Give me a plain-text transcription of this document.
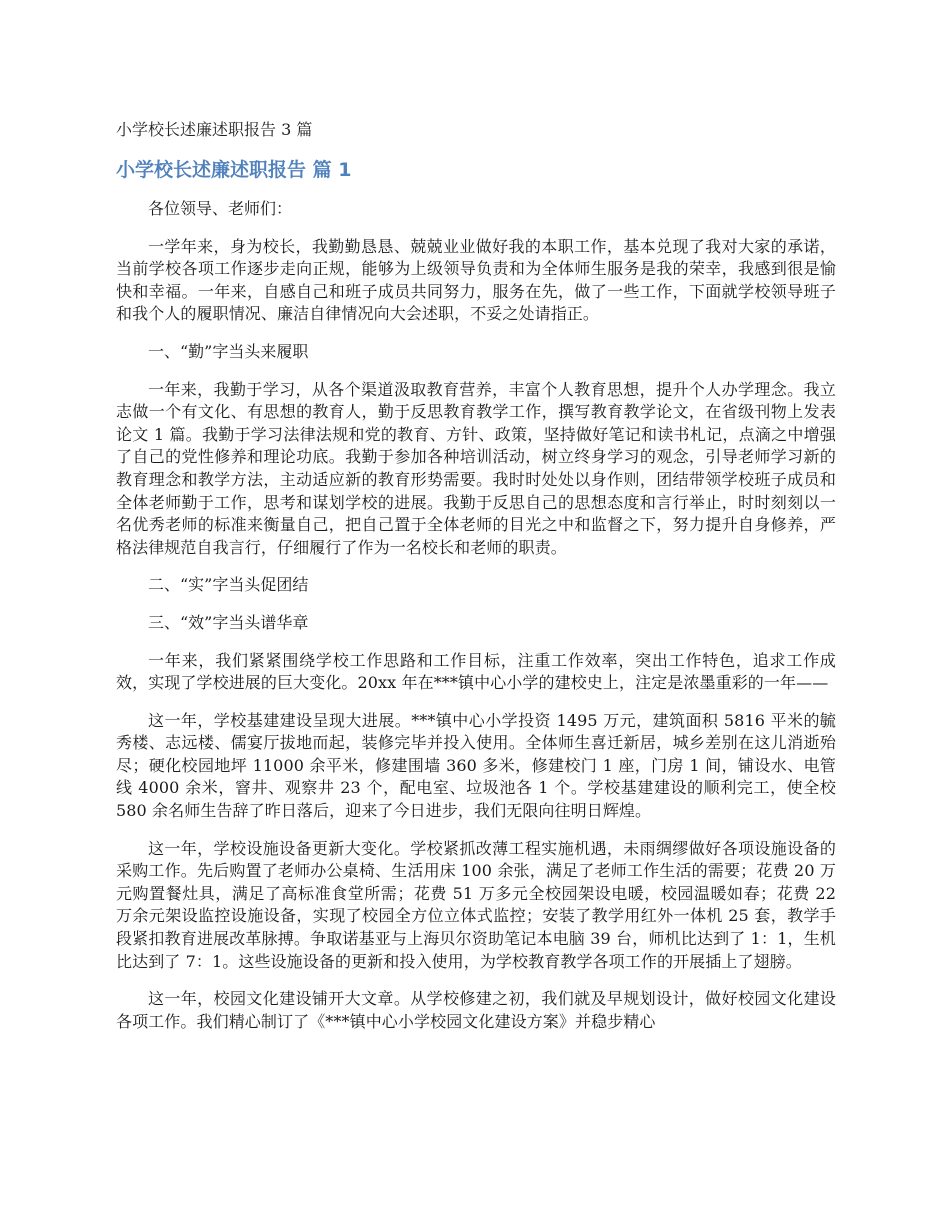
小学校长述廉述职报告 3 篇
小学校长述廉述职报告 篇 1

各位领导、老师们：

一学年来，身为校长，我勤勤恳恳、兢兢业业做好我的本职工作，基本兑现了我对大家的承诺，当前学校各项工作逐步走向正规，能够为上级领导负责和为全体师生服务是我的荣幸，我感到很是愉快和幸福。一年来，自感自己和班子成员共同努力，服务在先，做了一些工作，下面就学校领导班子和我个人的履职情况、廉洁自律情况向大会述职，不妥之处请指正。

一、“勤”字当头来履职

一年来，我勤于学习，从各个渠道汲取教育营养，丰富个人教育思想，提升个人办学理念。我立志做一个有文化、有思想的教育人，勤于反思教育教学工作，撰写教育教学论文，在省级刊物上发表论文 1 篇。我勤于学习法律法规和党的教育、方针、政策，坚持做好笔记和读书札记，点滴之中增强了自己的党性修养和理论功底。我勤于参加各种培训活动，树立终身学习的观念，引导老师学习新的教育理念和教学方法，主动适应新的教育形势需要。我时时处处以身作则，团结带领学校班子成员和全体老师勤于工作，思考和谋划学校的进展。我勤于反思自己的思想态度和言行举止，时时刻刻以一名优秀老师的标准来衡量自己，把自己置于全体老师的目光之中和监督之下，努力提升自身修养，严格法律规范自我言行，仔细履行了作为一名校长和老师的职责。

二、“实”字当头促团结

三、“效”字当头谱华章

一年来，我们紧紧围绕学校工作思路和工作目标，注重工作效率，突出工作特色，追求工作成效，实现了学校进展的巨大变化。20xx 年在***镇中心小学的建校史上，注定是浓墨重彩的一年——

这一年，学校基建建设呈现大进展。***镇中心小学投资 1495 万元，建筑面积 5816 平米的毓秀楼、志远楼、儒宴厅拔地而起，装修完毕并投入使用。全体师生喜迁新居，城乡差别在这儿消逝殆尽；硬化校园地坪 11000 余平米，修建围墙 360 多米，修建校门 1 座，门房 1 间，铺设水、电管线 4000 余米，窨井、观察井 23 个，配电室、垃圾池各 1 个。学校基建建设的顺利完工，使全校 580 余名师生告辞了昨日落后，迎来了今日进步，我们无限向往明日辉煌。

这一年，学校设施设备更新大变化。学校紧抓改薄工程实施机遇，未雨绸缪做好各项设施设备的采购工作。先后购置了老师办公桌椅、生活用床 100 余张，满足了老师工作生活的需要；花费 20 万元购置餐灶具，满足了高标准食堂所需；花费 51 万多元全校园架设电暖，校园温暖如春；花费 22 万余元架设监控设施设备，实现了校园全方位立体式监控；安装了教学用红外一体机 25 套，教学手段紧扣教育进展改革脉搏。争取诺基亚与上海贝尔资助笔记本电脑 39 台，师机比达到了 1：1，生机比达到了 7：1。这些设施设备的更新和投入使用，为学校教育教学各项工作的开展插上了翅膀。

这一年，校园文化建设铺开大文章。从学校修建之初，我们就及早规划设计，做好校园文化建设各项工作。我们精心制订了《***镇中心小学校园文化建设方案》并稳步精心
